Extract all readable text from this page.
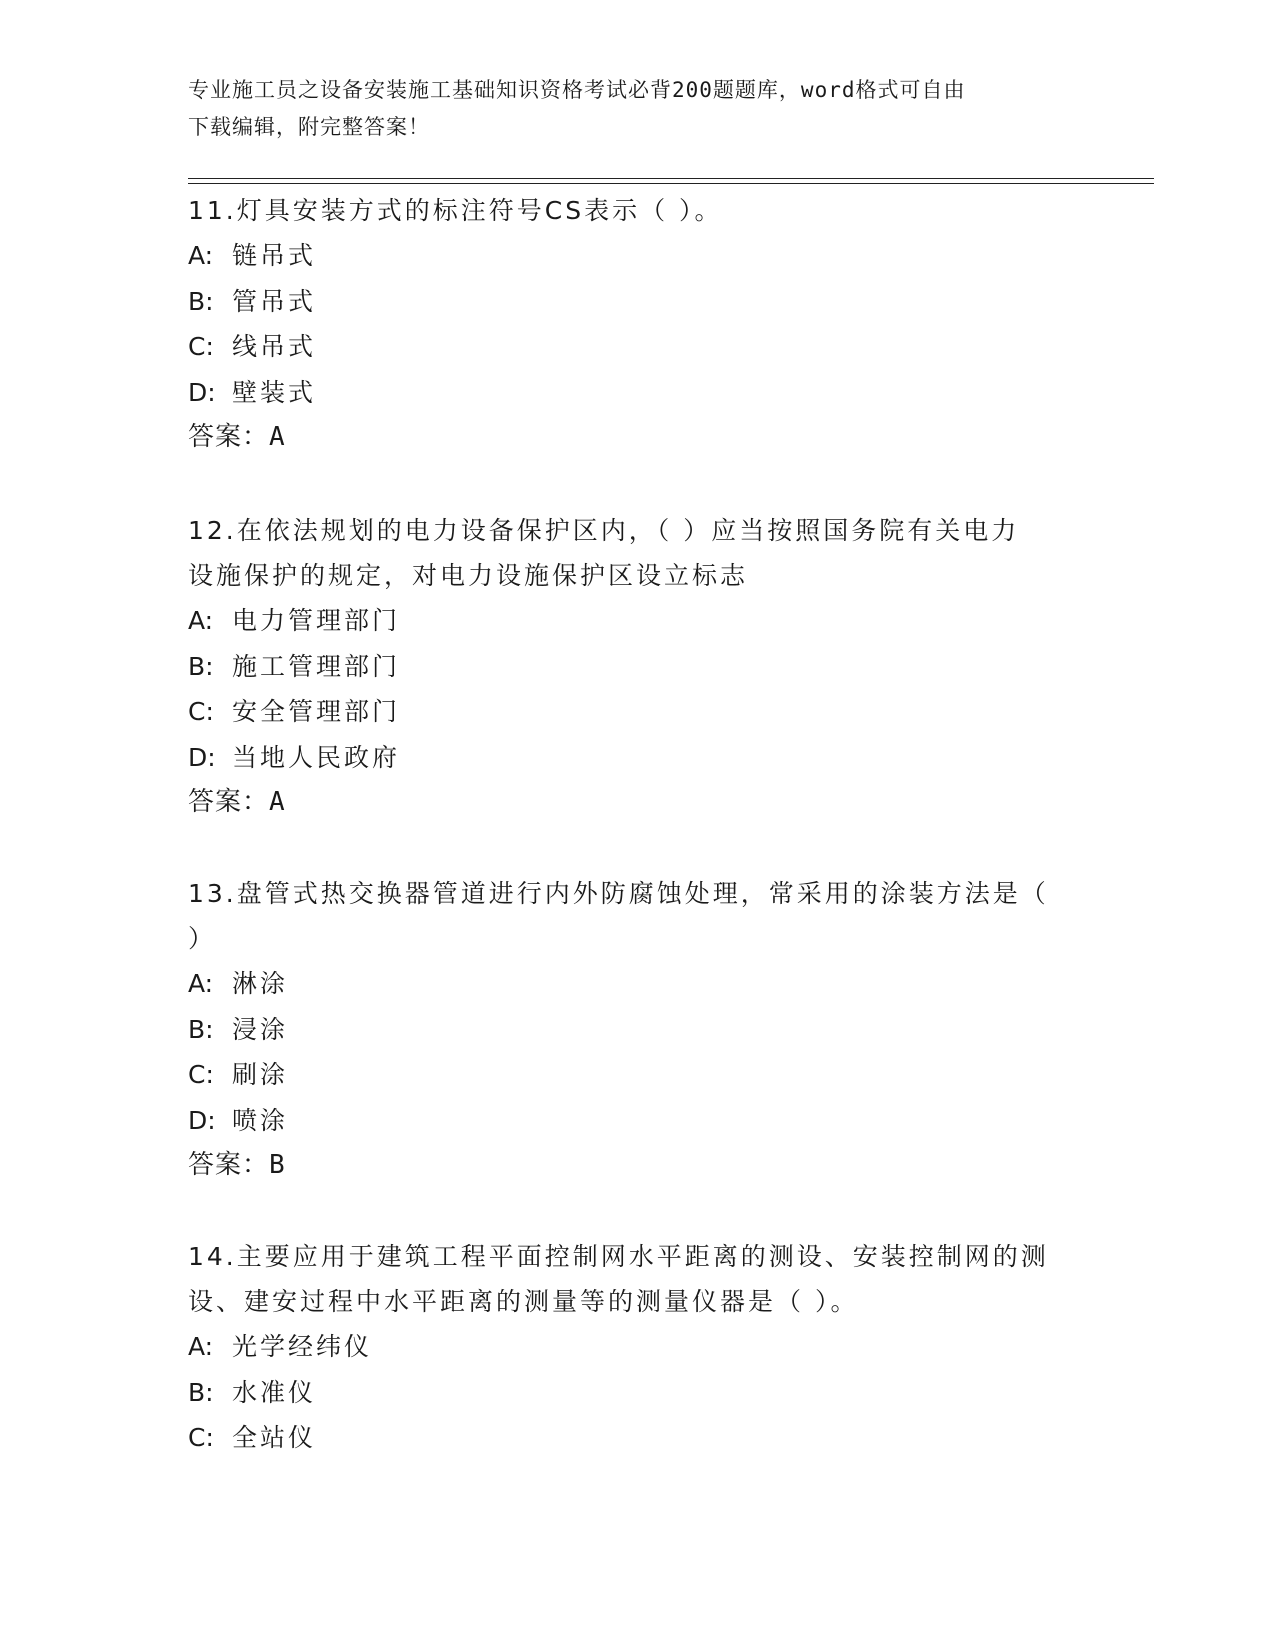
专业施工员之设备安装施工基础知识资格考试必背200题题库，word格式可自由
下载编辑，附完整答案！

11.灯具安装方式的标注符号CS表示（ ）。

A: 链吊式

B: 管吊式

C: 线吊式

D: 壁装式

答案：A

12.在依法规划的电力设备保护区内，（ ）应当按照国务院有关电力

设施保护的规定，对电力设施保护区设立标志

A: 电力管理部门

B: 施工管理部门

C: 安全管理部门

D: 当地人民政府

答案：A

13.盘管式热交换器管道进行内外防腐蚀处理，常采用的涂装方法是（

）

A: 淋涂

B: 浸涂

C: 刷涂

D: 喷涂

答案：B

14.主要应用于建筑工程平面控制网水平距离的测设、安装控制网的测

设、建安过程中水平距离的测量等的测量仪器是（ ）。

A: 光学经纬仪

B: 水准仪

C: 全站仪
